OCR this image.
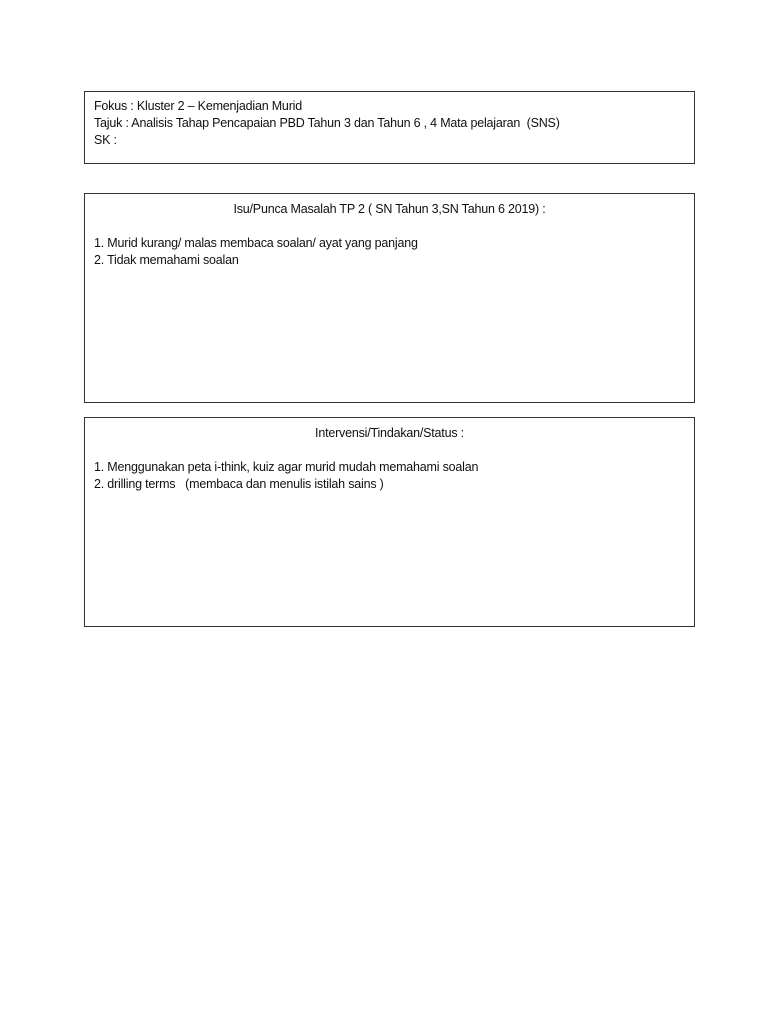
Fokus : Kluster 2 – Kemenjadian Murid
Tajuk : Analisis Tahap Pencapaian PBD Tahun 3 dan Tahun 6 , 4 Mata pelajaran  (SNS)
SK :
Isu/Punca Masalah TP 2 ( SN Tahun 3,SN Tahun 6 2019) :
1. Murid kurang/ malas membaca soalan/ ayat yang panjang
2. Tidak memahami soalan
Intervensi/Tindakan/Status :
1. Menggunakan peta i-think, kuiz agar murid mudah memahami soalan
2. drilling terms   (membaca dan menulis istilah sains )
